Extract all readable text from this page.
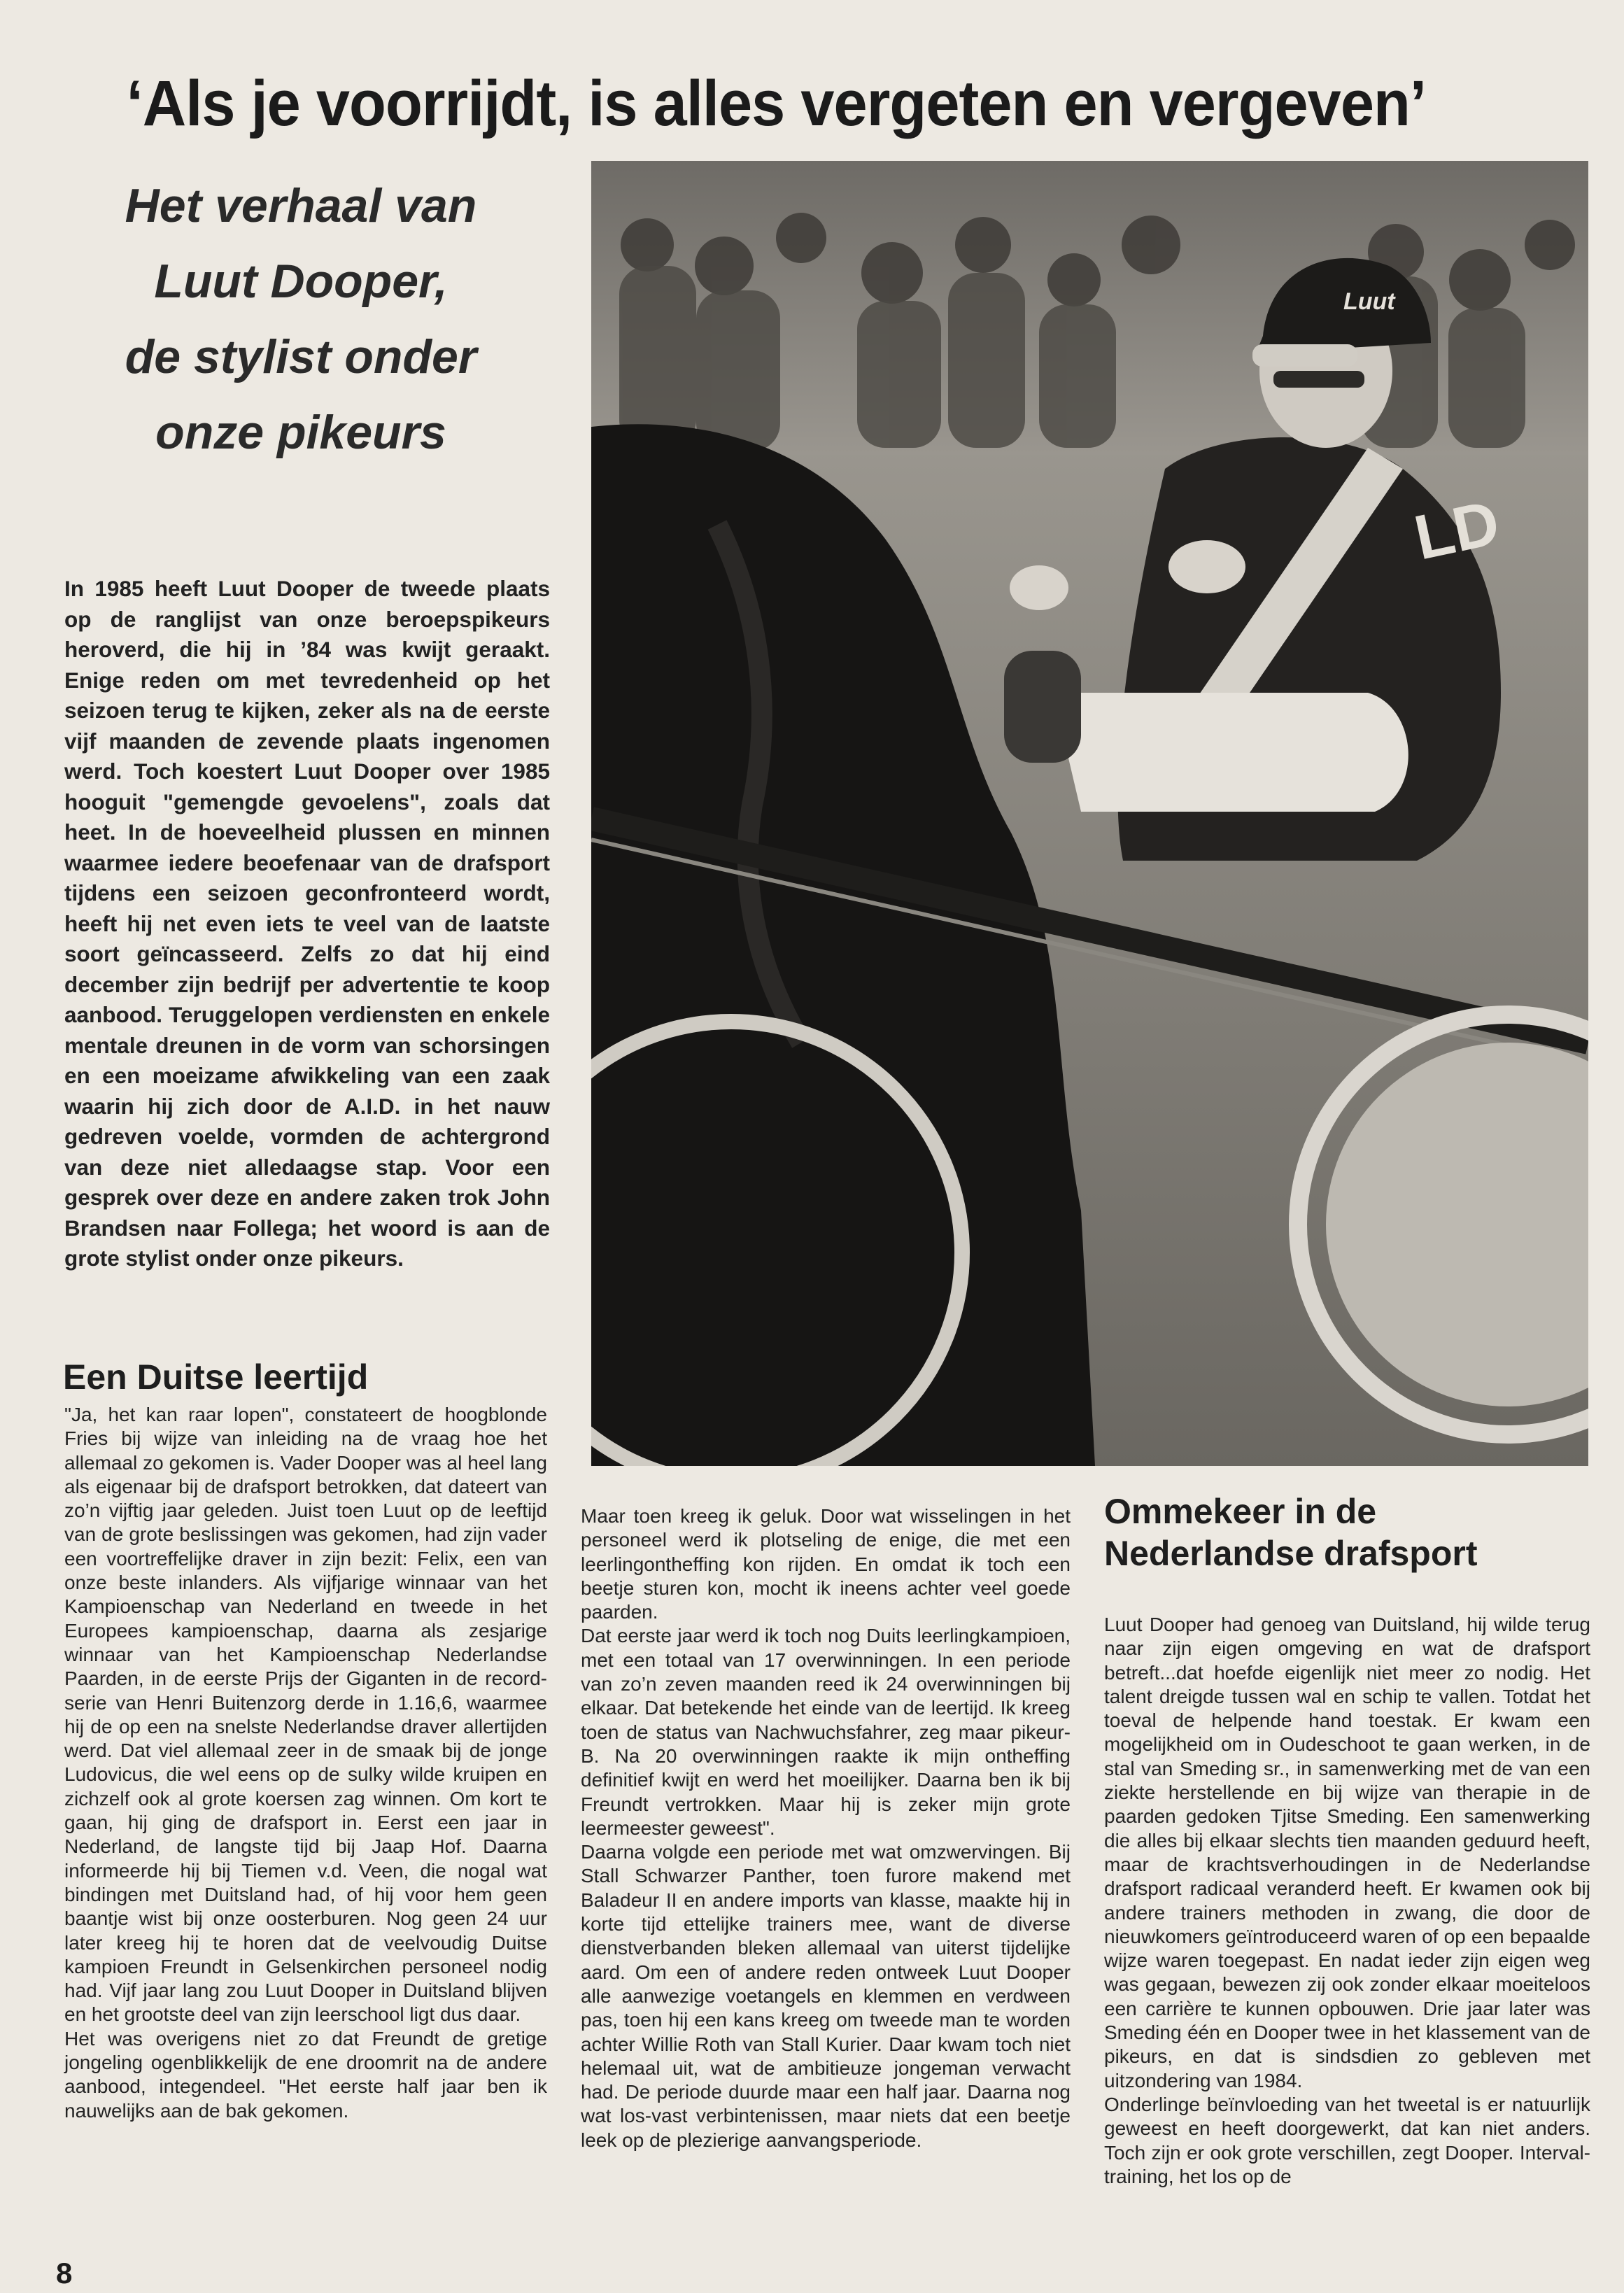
‘Als je voorrijdt, is alles vergeten en vergeven’
Het verhaal van
Luut Dooper,
de stylist onder
onze pikeurs
In 1985 heeft Luut Dooper de tweede plaats op de ranglijst van onze beroepspikeurs heroverd, die hij in ’84 was kwijt geraakt. Enige reden om met tevredenheid op het seizoen terug te kijken, zeker als na de eerste vijf maanden de zevende plaats ingenomen werd. Toch koestert Luut Dooper over 1985 hooguit "gemengde gevoelens", zoals dat heet. In de hoeveelheid plussen en minnen waarmee iedere beoefenaar van de drafsport tijdens een seizoen geconfronteerd wordt, heeft hij net even iets te veel van de laatste soort geïncasseerd. Zelfs zo dat hij eind december zijn bedrijf per advertentie te koop aanbood. Teruggelopen verdiensten en enkele mentale dreunen in de vorm van schorsingen en een moeizame afwikkeling van een zaak waarin hij zich door de A.I.D. in het nauw gedreven voelde, vormden de achtergrond van deze niet alledaagse stap. Voor een gesprek over deze en andere zaken trok John Brandsen naar Follega; het woord is aan de grote stylist onder onze pikeurs.
Luut
LD
Een Duitse leertijd

"Ja, het kan raar lopen", constateert de hoogblonde Fries bij wijze van inleiding na de vraag hoe het allemaal zo gekomen is. Vader Dooper was al heel lang als eigenaar bij de drafsport betrokken, dat dateert van zo’n vijftig jaar geleden. Juist toen Luut op de leeftijd van de grote beslissingen was gekomen, had zijn vader een voortreffelijke draver in zijn bezit: Felix, een van onze beste inlanders. Als vijfjarige winnaar van het Kampioenschap van Nederland en tweede in het Europees kampioenschap, daarna als zesjarige winnaar van het Kampioenschap Nederlandse Paarden, in de eerste Prijs der Giganten in de record-serie van Henri Buitenzorg derde in 1.16,6, waarmee hij de op een na snelste Nederlandse draver allertijden werd. Dat viel allemaal zeer in de smaak bij de jonge Ludovicus, die wel eens op de sulky wilde kruipen en zichzelf ook al grote koersen zag winnen. Om kort te gaan, hij ging de drafsport in. Eerst een jaar in Nederland, de langste tijd bij Jaap Hof. Daarna informeerde hij bij Tiemen v.d. Veen, die nogal wat bindingen met Duitsland had, of hij voor hem geen baantje wist bij onze oosterburen. Nog geen 24 uur later kreeg hij te horen dat de veelvoudig Duitse kampioen Freundt in Gelsenkirchen personeel nodig had. Vijf jaar lang zou Luut Dooper in Duitsland blijven en het grootste deel van zijn leerschool ligt dus daar.

Het was overigens niet zo dat Freundt de gretige jongeling ogenblikkelijk de ene droomrit na de andere aanbood, integendeel. "Het eerste half jaar ben ik nauwelijks aan de bak gekomen.

Maar toen kreeg ik geluk. Door wat wisselingen in het personeel werd ik plotseling de enige, die met een leerlingontheffing kon rijden. En omdat ik toch een beetje sturen kon, mocht ik ineens achter veel goede paarden.

Dat eerste jaar werd ik toch nog Duits leerlingkampioen, met een totaal van 17 overwinningen. In een periode van zo’n zeven maanden reed ik 24 overwinningen bij elkaar. Dat betekende het einde van de leertijd. Ik kreeg toen de status van Nachwuchsfahrer, zeg maar pikeur-B. Na 20 overwinningen raakte ik mijn ontheffing definitief kwijt en werd het moeilijker. Daarna ben ik bij Freundt vertrokken. Maar hij is zeker mijn grote leermeester geweest".

Daarna volgde een periode met wat omzwervingen. Bij Stall Schwarzer Panther, toen furore makend met Baladeur II en andere imports van klasse, maakte hij in korte tijd ettelijke trainers mee, want de diverse dienstverbanden bleken allemaal van uiterst tijdelijke aard. Om een of andere reden ontweek Luut Dooper alle aanwezige voetangels en klemmen en verdween pas, toen hij een kans kreeg om tweede man te worden achter Willie Roth van Stall Kurier. Daar kwam toch niet helemaal uit, wat de ambitieuze jongeman verwacht had. De periode duurde maar een half jaar. Daarna nog wat los-vast verbintenissen, maar niets dat een beetje leek op de plezierige aanvangsperiode.

Ommekeer in de Nederlandse drafsport

Luut Dooper had genoeg van Duitsland, hij wilde terug naar zijn eigen omgeving en wat de drafsport betreft...dat hoefde eigenlijk niet meer zo nodig. Het talent dreigde tussen wal en schip te vallen. Totdat het toeval de helpende hand toestak. Er kwam een mogelijkheid om in Oudeschoot te gaan werken, in de stal van Smeding sr., in samenwerking met de van een ziekte herstellende en bij wijze van therapie in de paarden gedoken Tjitse Smeding. Een samenwerking die alles bij elkaar slechts tien maanden geduurd heeft, maar de krachtsverhoudingen in de Nederlandse drafsport radicaal veranderd heeft. Er kwamen ook bij andere trainers methoden in zwang, die door de nieuwkomers geïntroduceerd waren of op een bepaalde wijze waren toegepast. En nadat ieder zijn eigen weg was gegaan, bewezen zij ook zonder elkaar moeiteloos een carrière te kunnen opbouwen. Drie jaar later was Smeding één en Dooper twee in het klassement van de pikeurs, en dat is sindsdien zo gebleven met uitzondering van 1984.

Onderlinge beïnvloeding van het tweetal is er natuurlijk geweest en heeft doorgewerkt, dat kan niet anders. Toch zijn er ook grote verschillen, zegt Dooper. Interval-training, het los op de

8
